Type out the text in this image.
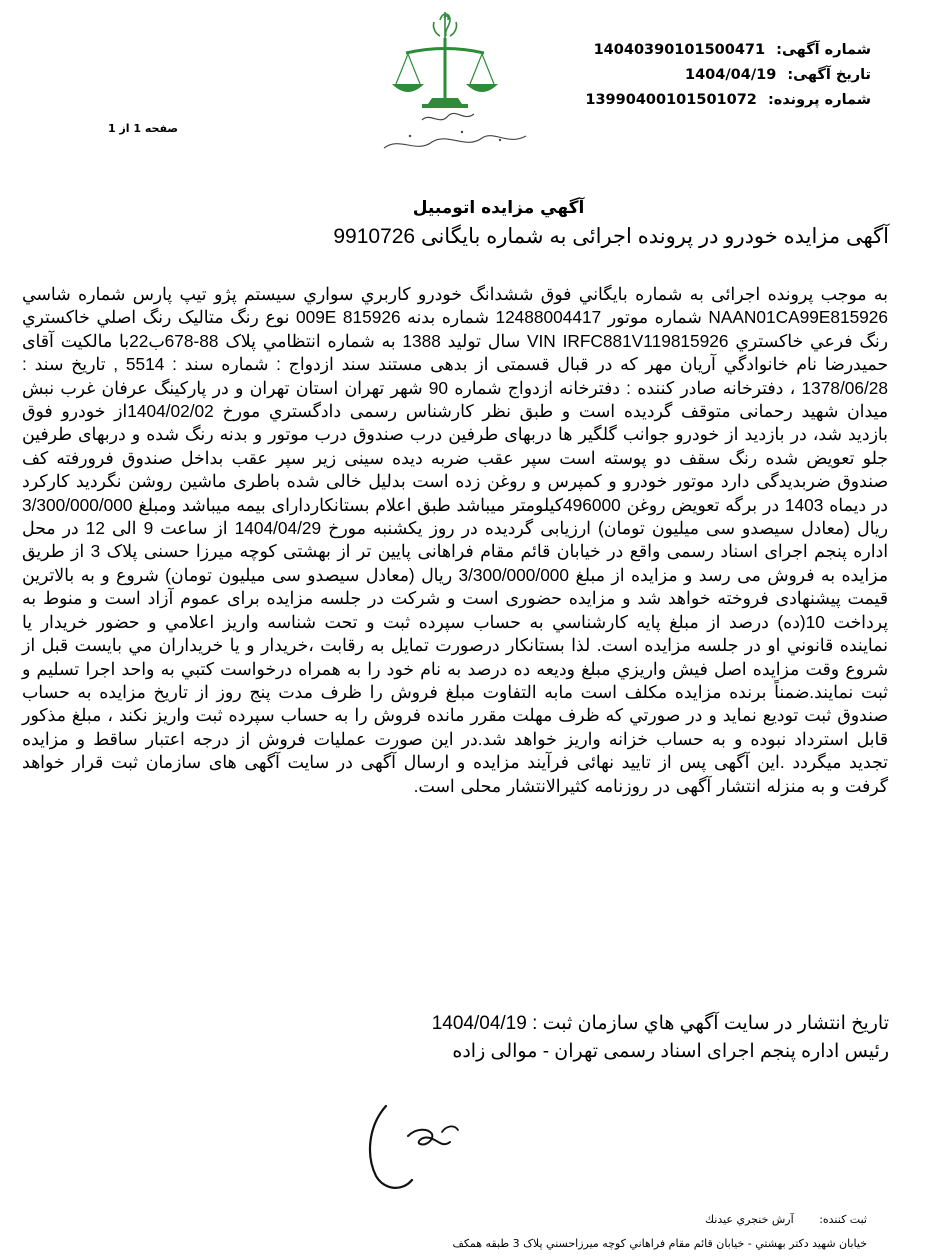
شماره آگهی: 14040390101500471
تاریخ آگهی: 1404/04/19
شماره پرونده: 13990400101501072
صفحه 1 از 1
آگهي مزايده اتومبيل
آگهی مزایده خودرو در پرونده اجرائی به شماره بایگانی 9910726
به موجب پرونده اجرائی به شماره بايگاني فوق ششدانگ خودرو كاربري سواري سيستم پژو تيپ پارس شماره شاسي NAAN01CA99E815926 شماره موتور 12488004417 شماره بدنه 009E 815926 نوع رنگ متاليک رنگ اصلي خاكستري رنگ فرعي خاكستري VIN IRFC881V119815926 سال توليد 1388 به شماره انتظامي پلاک 88-678ب22با مالكيت آقای حميدرضا نام خانوادگي آريان مهر كه در قبال قسمتی از بدهی مستند سند ازدواج : شماره سند : 5514 , تاريخ سند : 1378/06/28 ، دفترخانه صادر كننده : دفترخانه ازدواج شماره 90 شهر تهران استان تهران و در پاركينگ عرفان غرب نبش ميدان شهيد رحمانی متوقف گرديده است و طبق نظر كارشناس رسمی دادگستري مورخ 1404/02/02از خودرو فوق بازديد شد، در بازديد از خودرو جوانب گلگير ها دربهای طرفين درب صندوق درب موتور و بدنه رنگ شده و دربهای طرفين جلو تعويض شده رنگ سقف دو پوسته است سپر عقب ضربه ديده سينی زير سپر عقب بداخل صندوق فرورفته كف صندوق ضربديدگی دارد موتور خودرو و كمپرس و روغن زده است بدليل خالی شده باطری ماشين روشن نگرديد كاركرد در ديماه 1403 در برگه تعويض روغن 496000كيلومتر ميباشد طبق اعلام بستانكاردارای بيمه ميباشد ومبلغ 3/300/000/000 ريال (معادل سيصدو سی ميليون تومان) ارزيابی گرديده در روز يكشنبه مورخ 1404/04/29 از ساعت 9 الی 12 در محل اداره پنجم اجرای اسناد رسمی واقع در خيابان قائم مقام فراهانی پايين تر از بهشتی كوچه ميرزا حسنی پلاک 3 از طريق مزايده به فروش می رسد و مزايده از مبلغ 3/300/000/000 ريال (معادل سيصدو سی ميليون تومان) شروع و به بالاترين قيمت پيشنهادی فروخته خواهد شد و مزايده حضوری است و شركت در جلسه مزايده برای عموم آزاد است و منوط به پرداخت 10(ده) درصد از مبلغ پايه كارشناسي به حساب سپرده ثبت و تحت شناسه واريز اعلامي و حضور خريدار يا نماينده قانوني او در جلسه مزايده است. لذا بستانكار درصورت تمايل به رقابت ،خريدار و يا خريداران مي بايست قبل از شروع وقت مزايده اصل فيش واريزي مبلغ وديعه ده درصد به نام خود را به همراه درخواست كتبي به واحد اجرا تسليم و ثبت نمايند.ضمناً برنده مزايده مكلف است مابه التفاوت مبلغ فروش را ظرف مدت پنج روز از تاريخ مزايده به حساب صندوق ثبت توديع نمايد و در صورتي كه ظرف مهلت مقرر مانده فروش را به حساب سپرده ثبت واريز نكند ، مبلغ مذكور قابل استرداد نبوده و به حساب خزانه واريز خواهد شد.در اين صورت عمليات فروش از درجه اعتبار ساقط و مزايده تجديد ميگردد .اين آگهی پس از تاييد نهائی فرآيند مزايده و ارسال آگهی در سايت آگهی های سازمان ثبت قرار خواهد گرفت و به منزله انتشار آگهی در روزنامه كثيرالانتشار محلی است.
تاريخ انتشار در سايت آگهي هاي سازمان ثبت : 1404/04/19
رئيس اداره پنجم اجرای اسناد رسمی تهران - موالی زاده
ثبت كننده: آرش خنجري عيدنك
خيابان شهيد دكتر بهشتي - خيابان قائم مقام فراهاني كوچه ميرزاحسني پلاک 3 طبقه همكف
